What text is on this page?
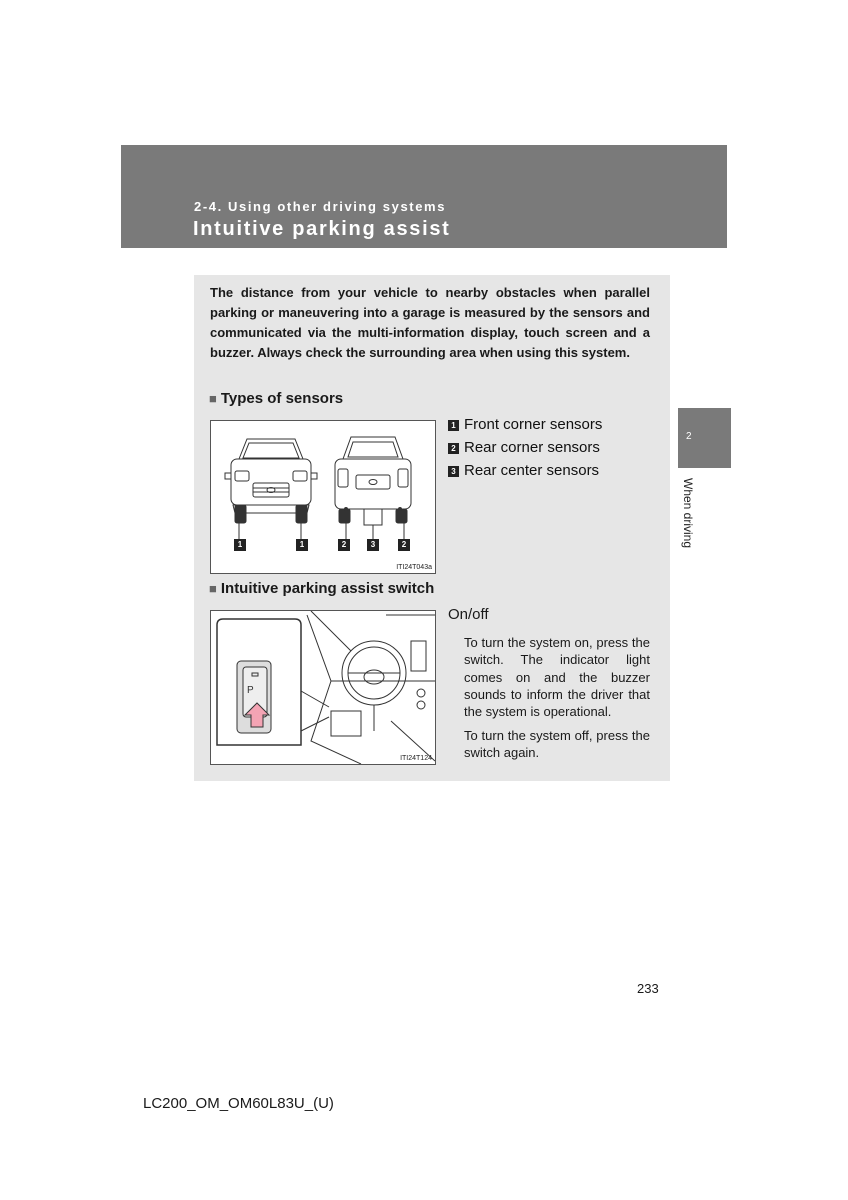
2-4. Using other driving systems
Intuitive parking assist
The distance from your vehicle to nearby obstacles when parallel parking or maneuvering into a garage is measured by the sensors and communicated via the multi-information display, touch screen and a buzzer. Always check the surrounding area when using this system.
■ Types of sensors
1	1	2	3	2
ITI24T043a
1 Front corner sensors
2 Rear corner sensors
3 Rear center sensors
■ Intuitive parking assist switch
P
ITI24T124
On/off
To turn the system on, press the switch. The indicator light comes on and the buzzer sounds to inform the driver that the system is operational.
To turn the system off, press the switch again.
2
When driving
233
LC200_OM_OM60L83U_(U)
